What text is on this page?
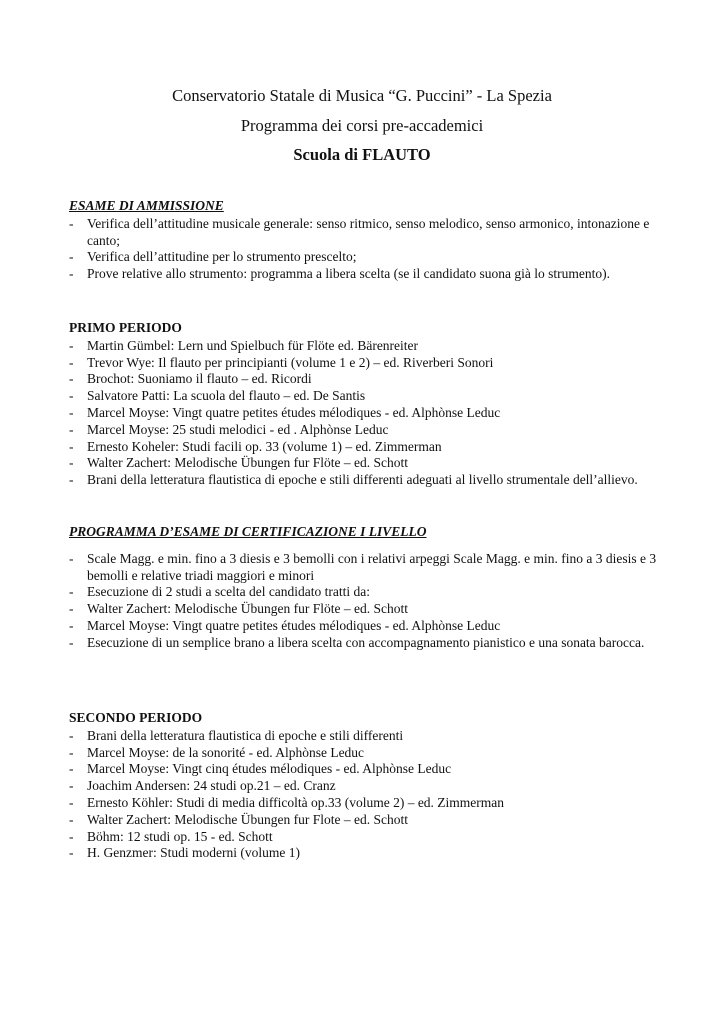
Conservatorio Statale di Musica “G. Puccini” - La Spezia
Programma dei corsi pre-accademici
Scuola di FLAUTO
ESAME DI AMMISSIONE
- Verifica dell’attitudine musicale generale: senso ritmico, senso melodico, senso armonico, intonazione e canto;
- Verifica dell’attitudine per lo strumento prescelto;
- Prove relative allo strumento: programma a libera scelta (se il candidato suona già lo strumento).
PRIMO PERIODO
- Martin Gümbel: Lern und Spielbuch für Flöte ed. Bärenreiter
- Trevor Wye: Il flauto per principianti (volume 1 e 2) – ed. Riverberi Sonori
- Brochot: Suoniamo il flauto – ed. Ricordi
- Salvatore Patti: La scuola del flauto – ed. De Santis
- Marcel Moyse: Vingt quatre petites études mélodiques - ed. Alphònse Leduc
- Marcel Moyse: 25 studi melodici - ed . Alphònse Leduc
- Ernesto Koheler: Studi facili op. 33 (volume 1) – ed. Zimmerman
- Walter Zachert: Melodische Übungen fur Flöte – ed. Schott
- Brani della letteratura flautistica di epoche e stili differenti adeguati al livello strumentale dell’allievo.
PROGRAMMA D’ESAME DI CERTIFICAZIONE I LIVELLO
- Scale Magg. e min. fino a 3 diesis e 3 bemolli con i relativi arpeggi Scale Magg. e min. fino a 3 diesis e 3 bemolli e relative triadi maggiori e minori
- Esecuzione di 2 studi a scelta del candidato tratti da:
- Walter Zachert: Melodische Übungen fur Flöte – ed. Schott
- Marcel Moyse: Vingt quatre petites études mélodiques - ed. Alphònse Leduc
- Esecuzione di un semplice brano a libera scelta con accompagnamento pianistico e una sonata barocca.
SECONDO PERIODO
- Brani della letteratura flautistica di epoche e stili differenti
- Marcel Moyse: de la sonorité - ed. Alphònse Leduc
- Marcel Moyse: Vingt cinq études mélodiques - ed. Alphònse Leduc
- Joachim Andersen: 24 studi op.21 – ed. Cranz
- Ernesto Köhler: Studi di media difficoltà op.33 (volume 2) – ed. Zimmerman
- Walter Zachert: Melodische Übungen fur Flote – ed. Schott
- Böhm: 12 studi op. 15 - ed. Schott
- H. Genzmer: Studi moderni (volume 1)
